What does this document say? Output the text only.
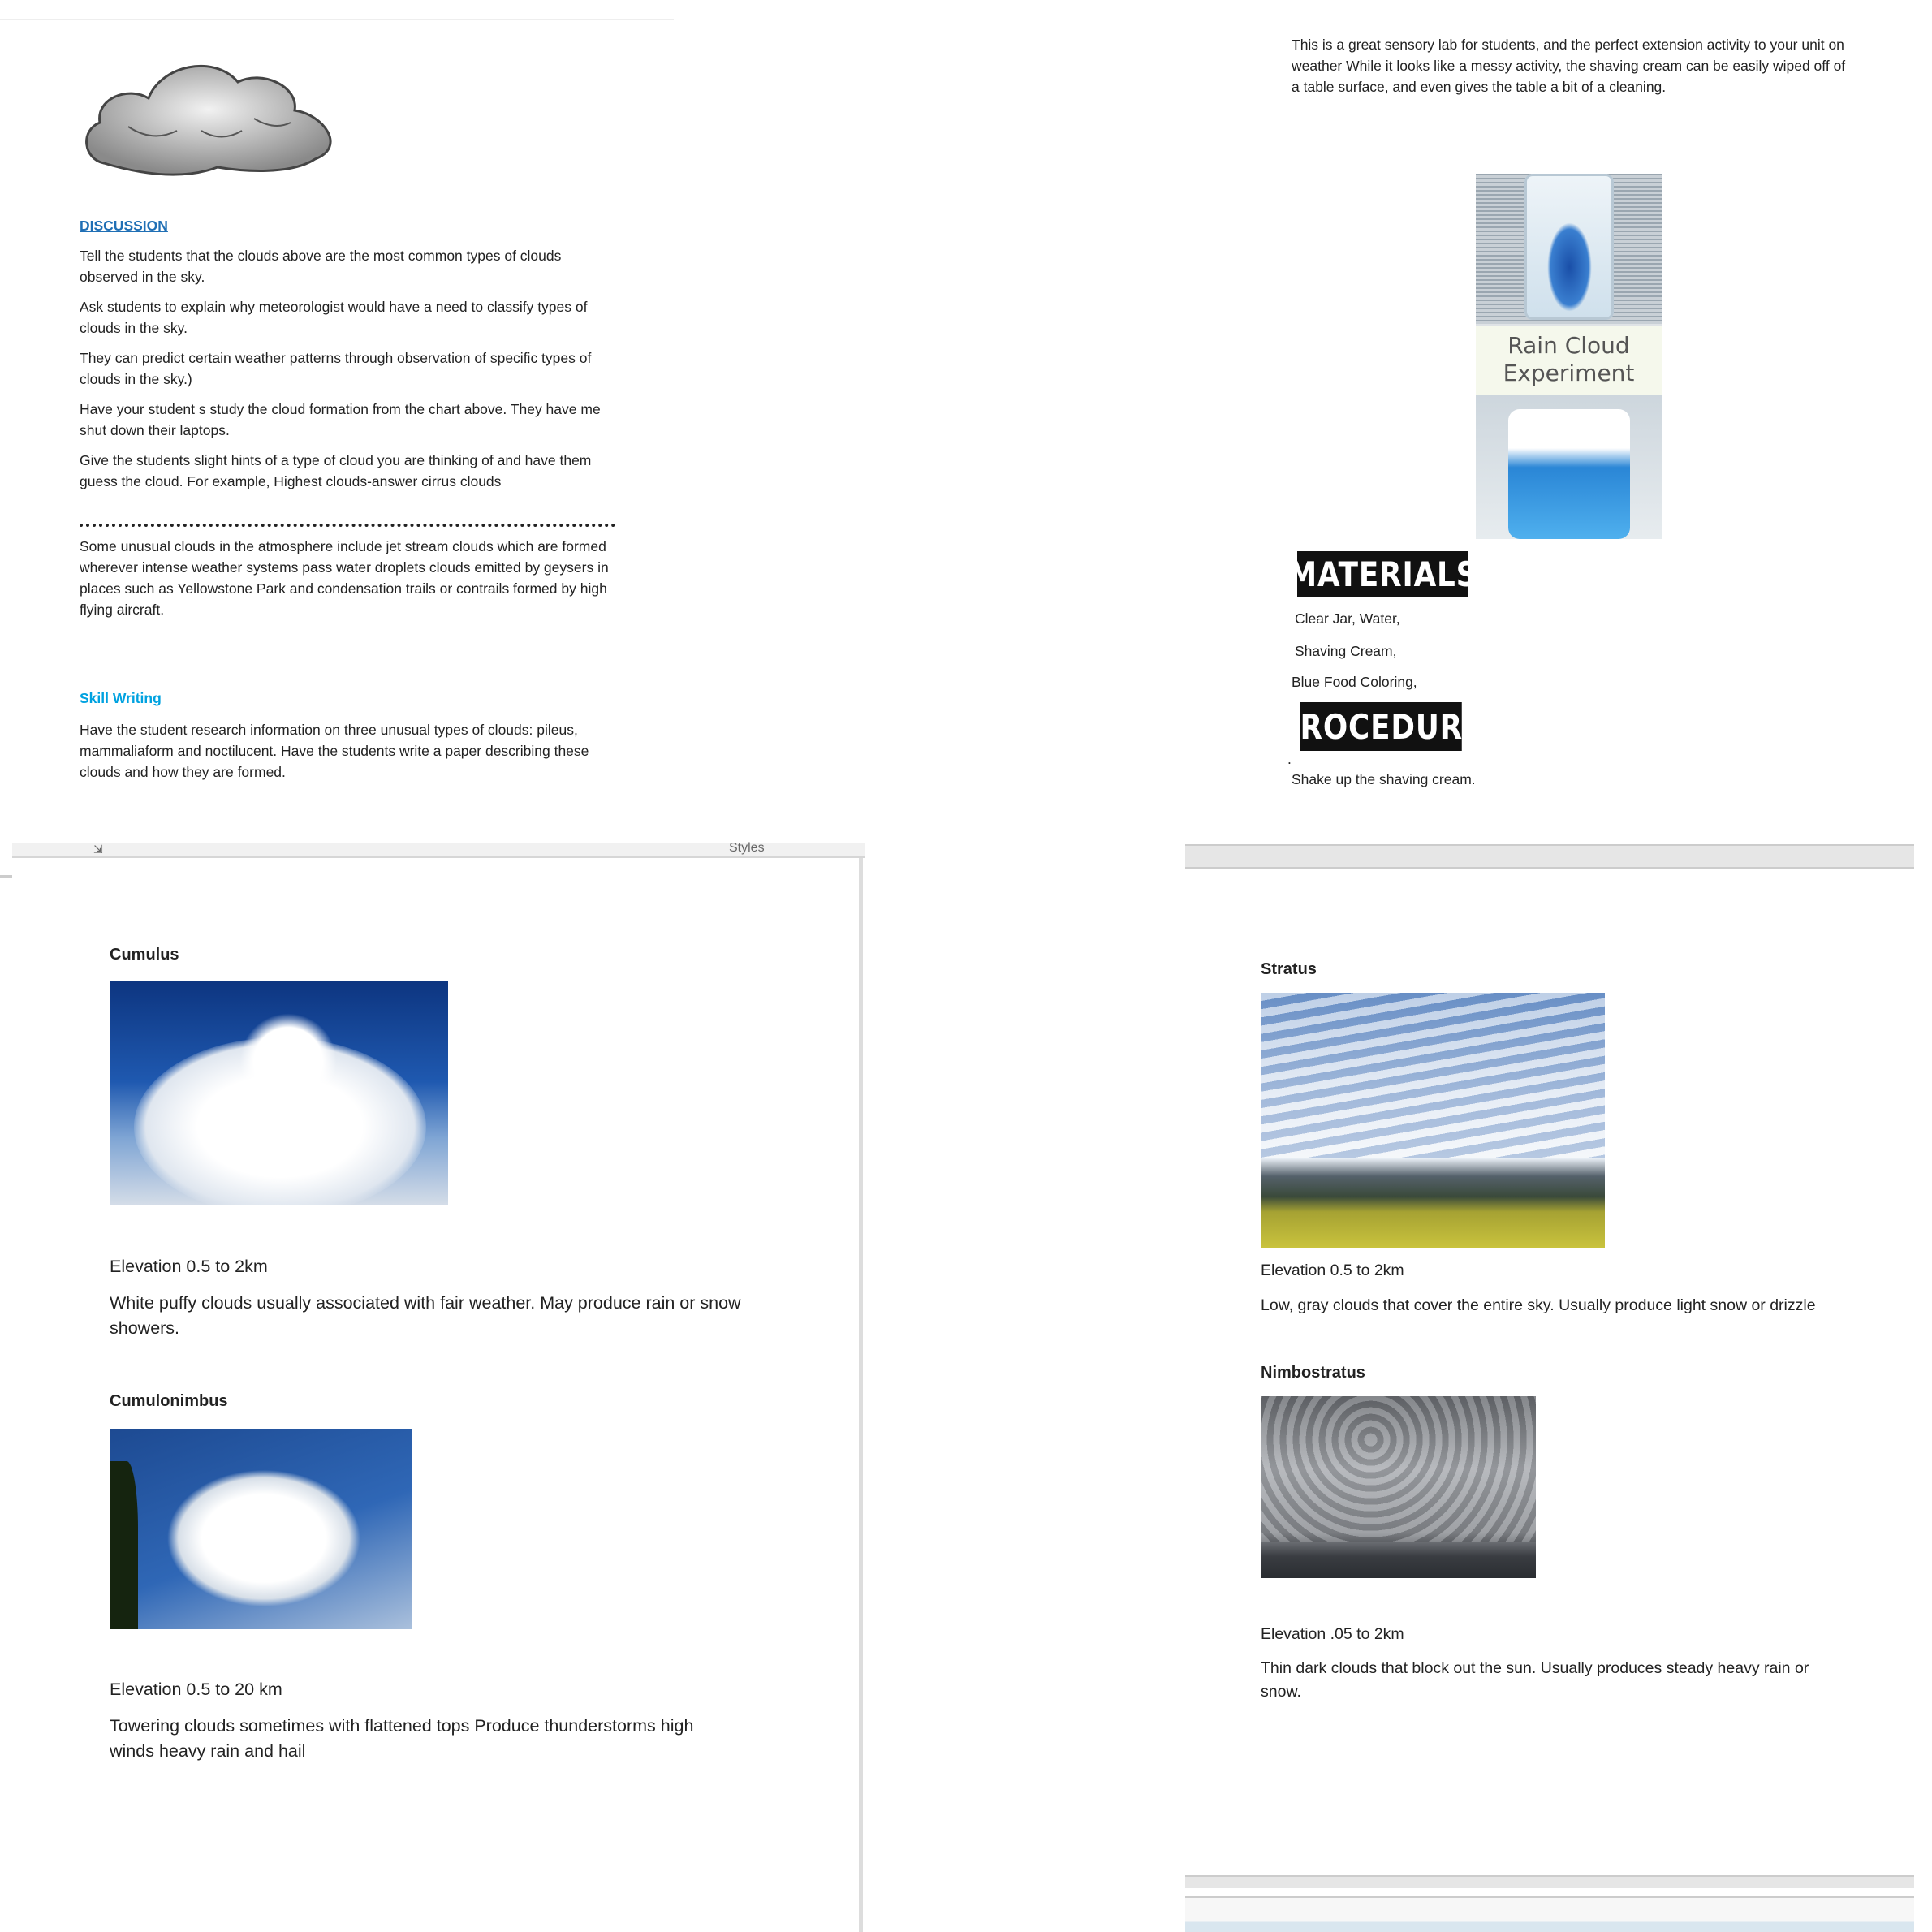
DISCUSSION

Tell the students that the clouds above are the most common types of clouds observed in the sky.

Ask students to explain why meteorologist would have a need to classify types of clouds in the sky.

They can predict certain weather patterns through observation of specific types of clouds in the sky.)

Have your student s study the cloud formation from the chart above. They have me shut down their laptops.

Give the students slight hints of a type of cloud you are thinking of and have them guess the cloud. For example, Highest clouds-answer cirrus clouds

Some unusual clouds in the atmosphere include jet stream clouds which are formed wherever intense weather systems pass water droplets clouds emitted by geysers in places such as Yellowstone Park and condensation trails or contrails formed by high flying aircraft.

Skill Writing

Have the student research information on three unusual types of clouds: pileus, mammaliaform and noctilucent. Have the students write a paper describing these clouds and how they are formed.

This is a great sensory lab for students, and the perfect extension activity to your unit on weather While it looks like a messy activity, the shaving cream can be easily wiped off of a table surface, and even gives the table a bit of a cleaning.

Rain Cloud Experiment
MATERIALS

Clear Jar, Water,

Shaving Cream,

Blue Food Coloring,

PROCEDURE
.

Shake up the shaving cream.

⇲	Styles
Cumulus
Elevation 0.5 to 2km

White puffy clouds usually associated with fair weather. May produce rain or snow showers.

Cumulonimbus
Elevation 0.5 to 20 km

Towering clouds sometimes with flattened tops Produce thunderstorms high winds heavy rain and hail

Stratus
Elevation 0.5 to 2km

Low, gray clouds that cover the entire sky. Usually produce light snow or drizzle

Nimbostratus
Elevation .05 to 2km

Thin dark clouds that block out the sun. Usually produces steady heavy rain or snow.
